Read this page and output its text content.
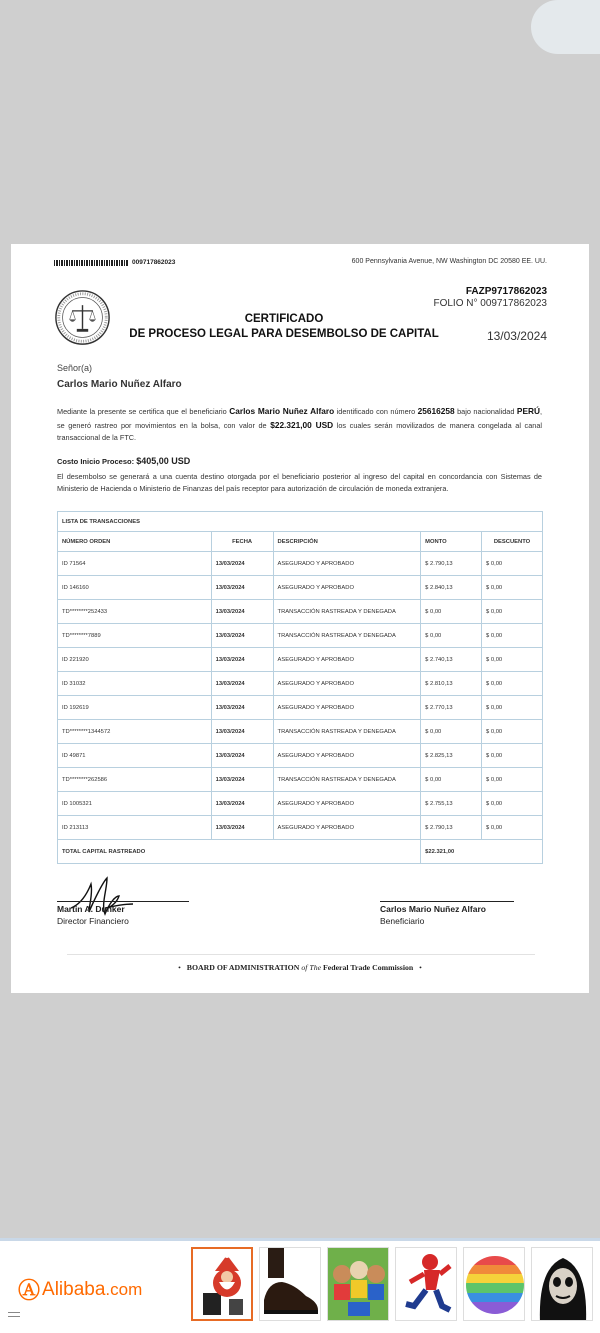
009717862023	600 Pennsylvania Avenue, NW Washington DC 20580 EE. UU.
CERTIFICADO
DE PROCESO LEGAL PARA DESEMBOLSO DE CAPITAL
FAZP9717862023
FOLIO N° 009717862023
13/03/2024
Señor(a)
Carlos Mario Nuñez Alfaro
Mediante la presente se certifica que el beneficiario Carlos Mario Nuñez Alfaro identificado con número 25616258 bajo nacionalidad PERÚ, se generó rastreo por movimientos en la bolsa, con valor de $22.321,00 USD los cuales serán movilizados de manera congelada al canal transaccional de la FTC.
Costo Inicio Proceso: $405,00 USD
El desembolso se generará a una cuenta destino otorgada por el beneficiario posterior al ingreso del capital en concordancia con Sistemas de Ministerio de Hacienda o Ministerio de Finanzas del país receptor para autorización de circulación de moneda extranjera.
LISTA DE TRANSACCIONES				
NÚMERO ORDEN	FECHA	DESCRIPCIÓN	MONTO	DESCUENTO
ID 71564	13/03/2024	ASEGURADO Y APROBADO	$ 2.790,13	$ 0,00
ID 146160	13/03/2024	ASEGURADO Y APROBADO	$ 2.840,13	$ 0,00
TD********252433	13/03/2024	TRANSACCIÓN RASTREADA Y DENEGADA	$ 0,00	$ 0,00
TD********7889	13/03/2024	TRANSACCIÓN RASTREADA Y DENEGADA	$ 0,00	$ 0,00
ID 221920	13/03/2024	ASEGURADO Y APROBADO	$ 2.740,13	$ 0,00
ID 31032	13/03/2024	ASEGURADO Y APROBADO	$ 2.810,13	$ 0,00
ID 192619	13/03/2024	ASEGURADO Y APROBADO	$ 2.770,13	$ 0,00
TD********1344572	13/03/2024	TRANSACCIÓN RASTREADA Y DENEGADA	$ 0,00	$ 0,00
ID 49871	13/03/2024	ASEGURADO Y APROBADO	$ 2.825,13	$ 0,00
TD********262586	13/03/2024	TRANSACCIÓN RASTREADA Y DENEGADA	$ 0,00	$ 0,00
ID 1005321	13/03/2024	ASEGURADO Y APROBADO	$ 2.755,13	$ 0,00
ID 213113	13/03/2024	ASEGURADO Y APROBADO	$ 2.790,13	$ 0,00
TOTAL CAPITAL RASTREADO			$22.321,00	
Martin A. Dunker
Director Financiero
Carlos Mario Nuñez Alfaro
Beneficiario
• BOARD OF ADMINISTRATION of The Federal Trade Commission •
Ⓐ Alibaba .com
